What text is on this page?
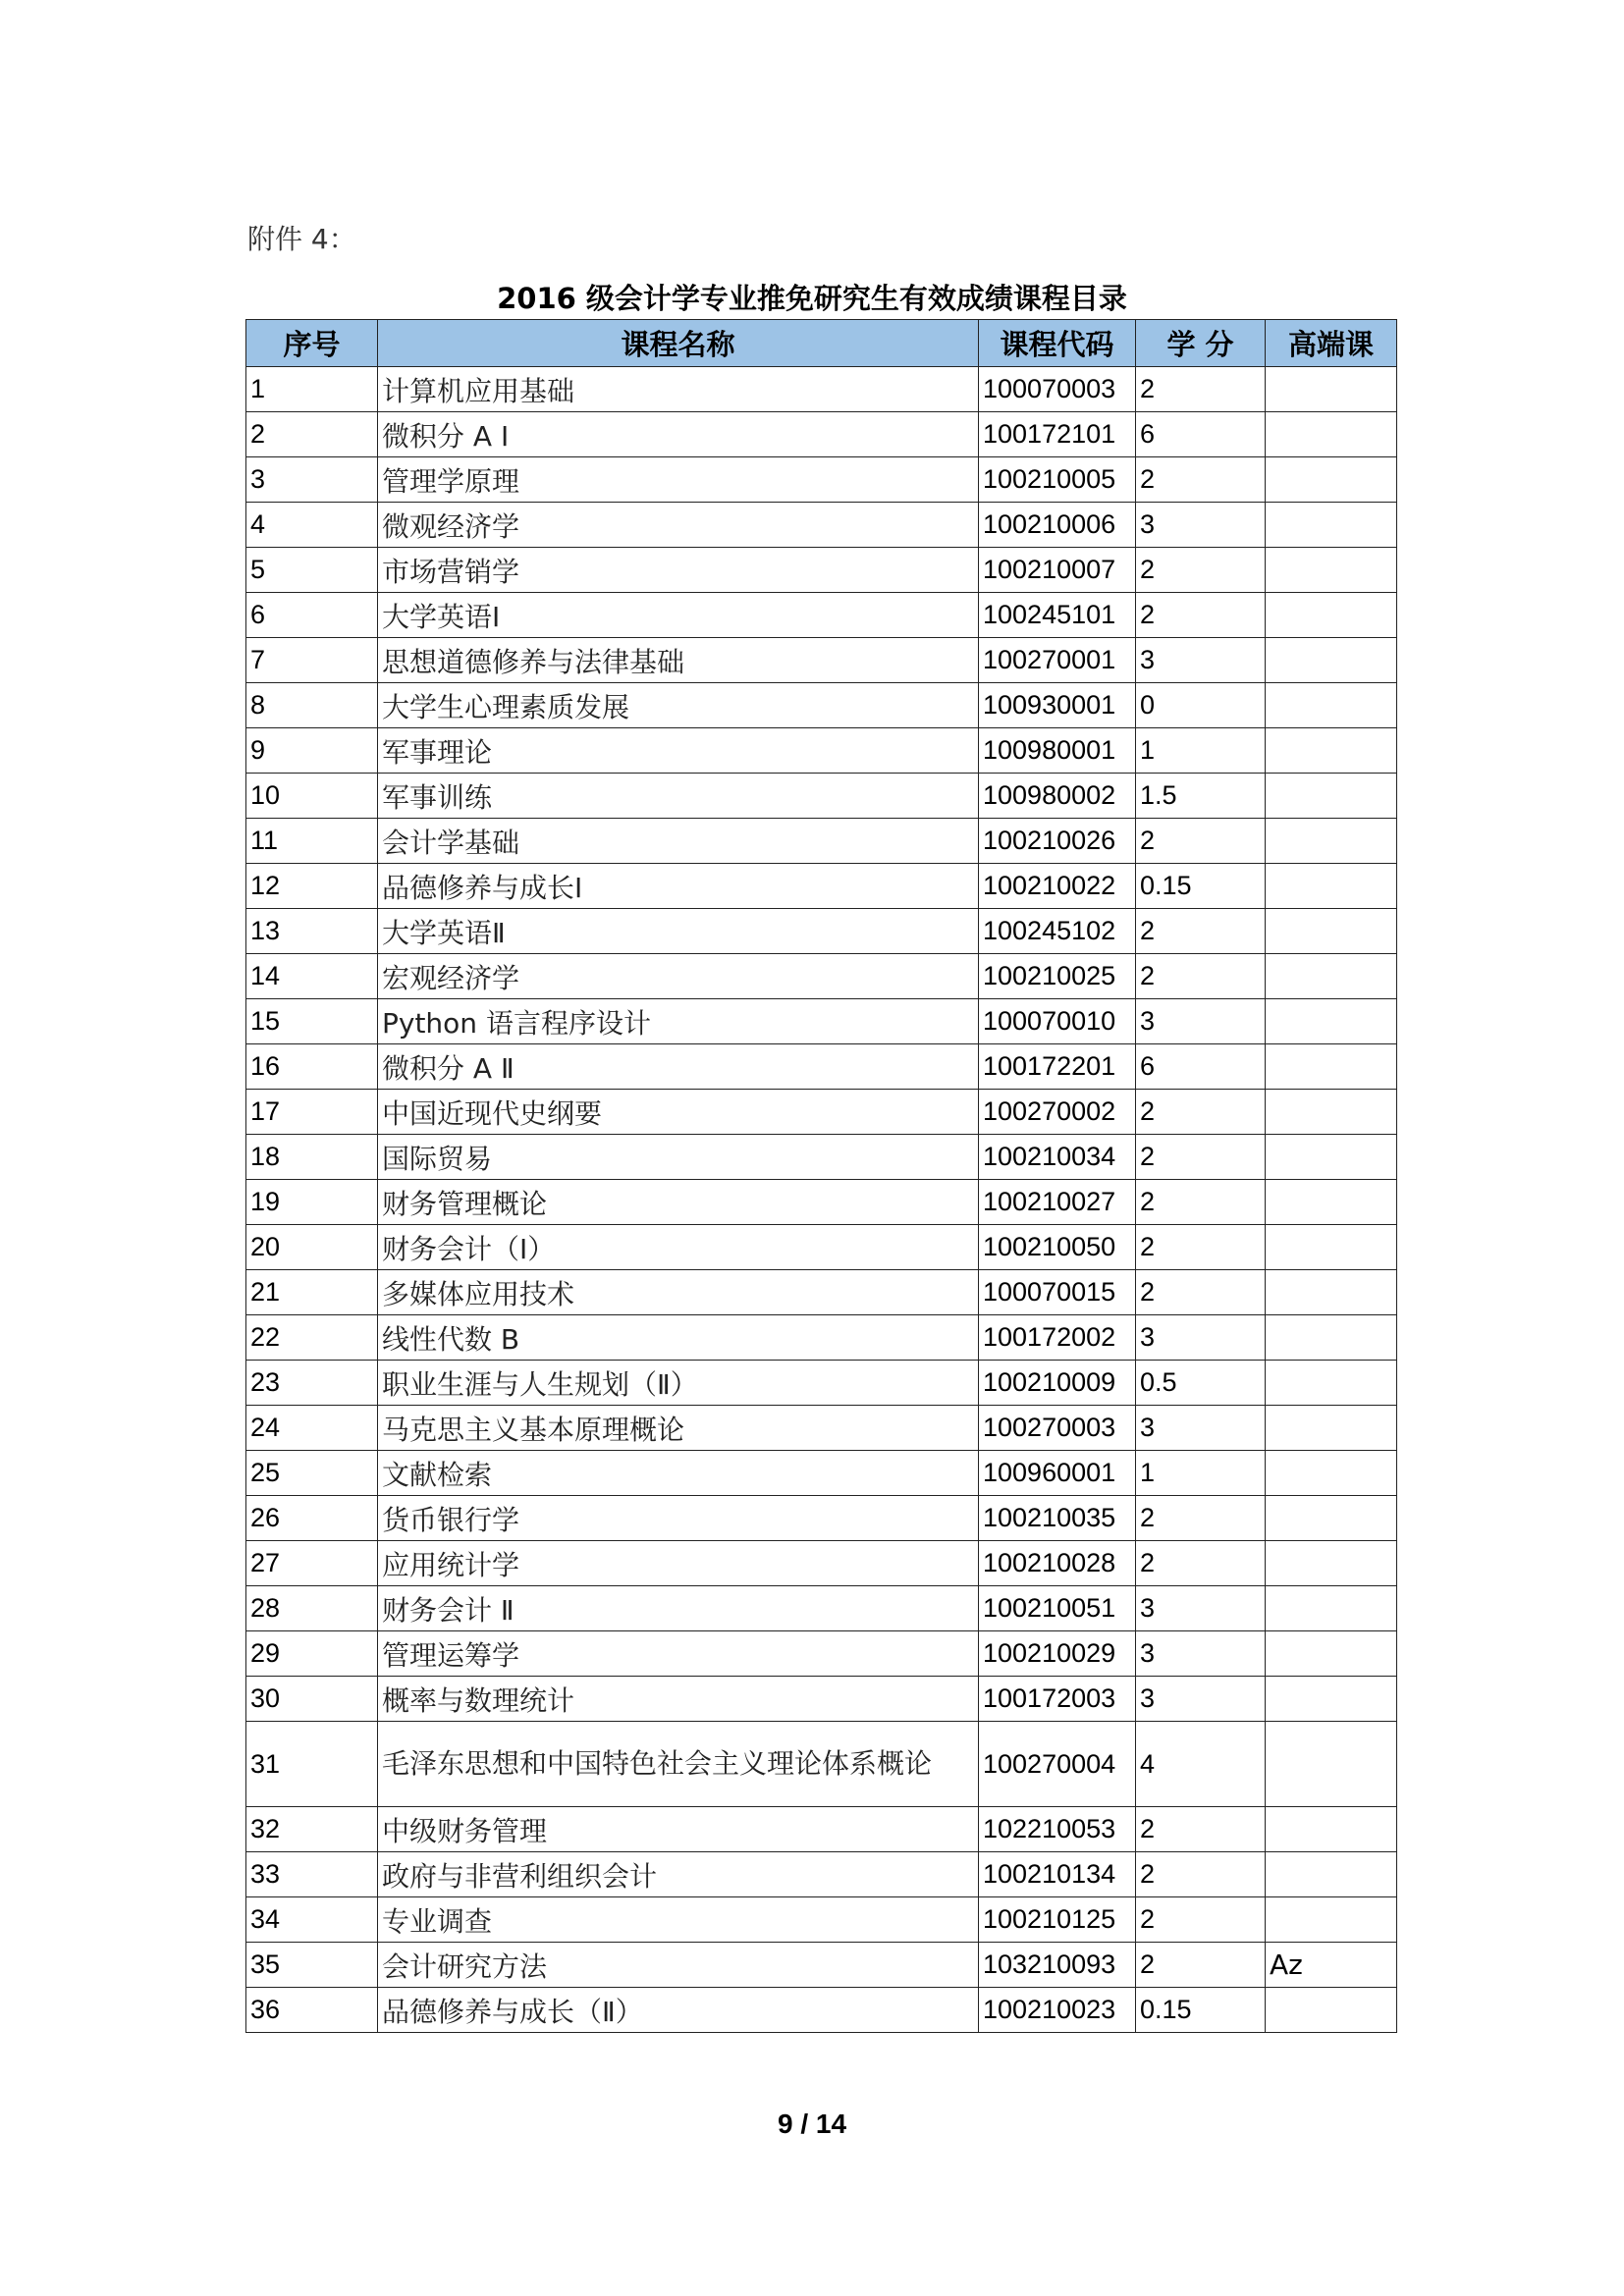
附件 4：
2016 级会计学专业推免研究生有效成绩课程目录
序号	课程名称	课程代码	学 分	高端课
1	计算机应用基础	100070003	2	
2	微积分 A Ⅰ	100172101	6	
3	管理学原理	100210005	2	
4	微观经济学	100210006	3	
5	市场营销学	100210007	2	
6	大学英语Ⅰ	100245101	2	
7	思想道德修养与法律基础	100270001	3	
8	大学生心理素质发展	100930001	0	
9	军事理论	100980001	1	
10	军事训练	100980002	1.5	
11	会计学基础	100210026	2	
12	品德修养与成长Ⅰ	100210022	0.15	
13	大学英语Ⅱ	100245102	2	
14	宏观经济学	100210025	2	
15	Python 语言程序设计	100070010	3	
16	微积分 A Ⅱ	100172201	6	
17	中国近现代史纲要	100270002	2	
18	国际贸易	100210034	2	
19	财务管理概论	100210027	2	
20	财务会计（Ⅰ）	100210050	2	
21	多媒体应用技术	100070015	2	
22	线性代数 B	100172002	3	
23	职业生涯与人生规划（Ⅱ）	100210009	0.5	
24	马克思主义基本原理概论	100270003	3	
25	文献检索	100960001	1	
26	货币银行学	100210035	2	
27	应用统计学	100210028	2	
28	财务会计 Ⅱ	100210051	3	
29	管理运筹学	100210029	3	
30	概率与数理统计	100172003	3	
31	毛泽东思想和中国特色社会主义理论体系概论	100270004	4	
32	中级财务管理	102210053	2	
33	政府与非营利组织会计	100210134	2	
34	专业调查	100210125	2	
35	会计研究方法	103210093	2	Az
36	品德修养与成长（Ⅱ）	100210023	0.15	
9 / 14
